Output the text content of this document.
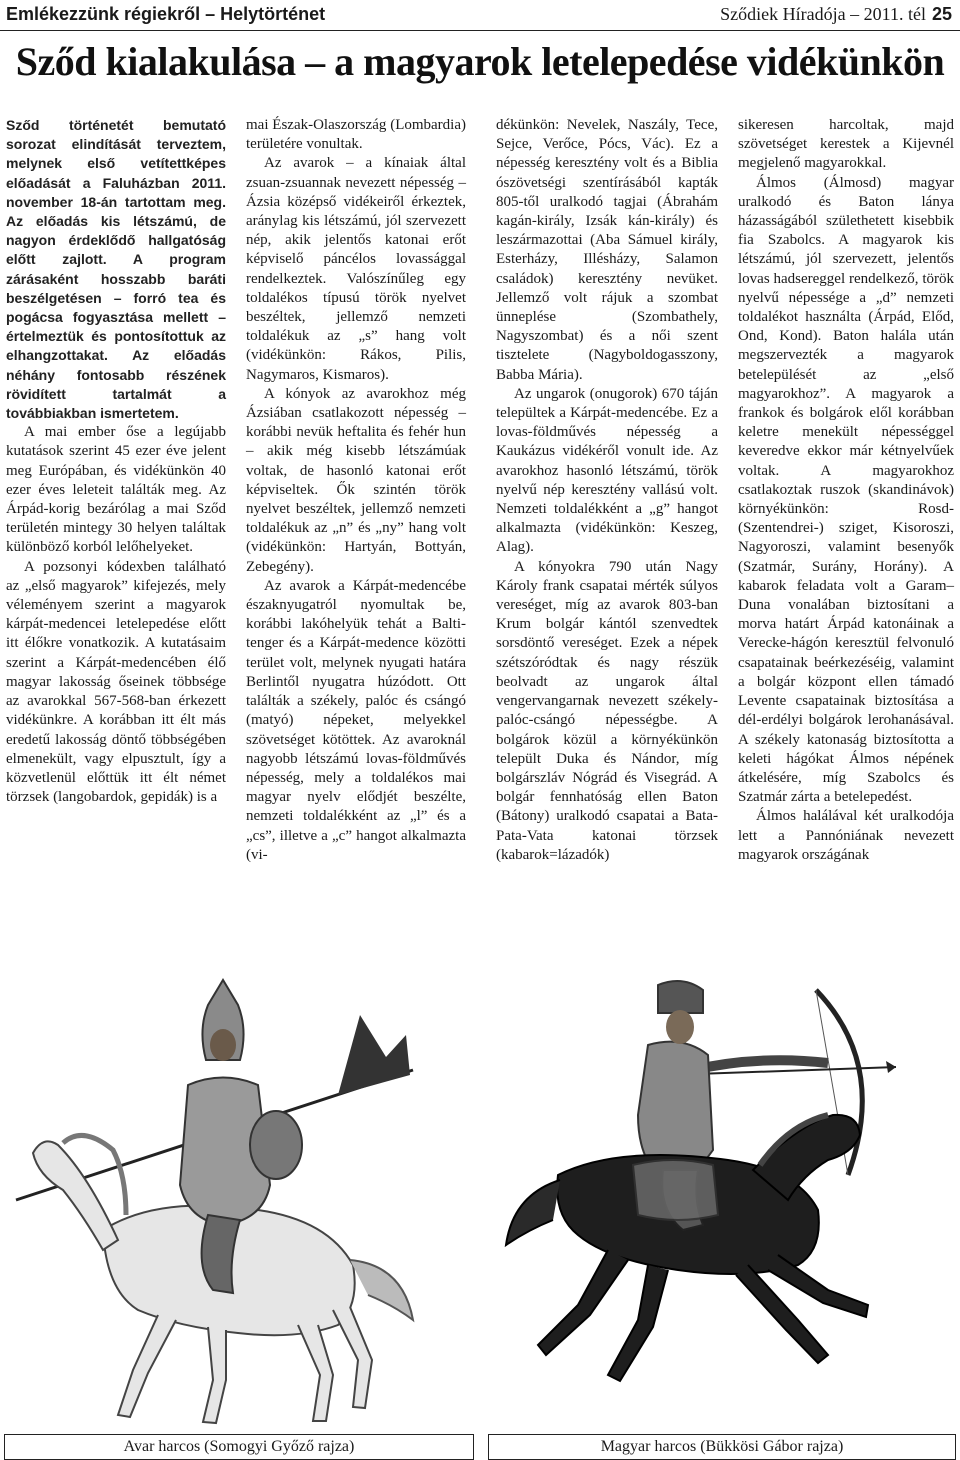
Emlékezzünk régiekről – Helytörténet	Sződiek Híradója – 2011. tél 25
Sződ kialakulása – a magyarok letelepedése vidékünkön

Sződ történetét bemutató sorozat elindítását terveztem, melynek első vetítettképes előadását a Faluházban 2011. november 18-án tartottam meg. Az előadás kis létszámú, de nagyon érdeklődő hallgatóság előtt zajlott. A program zárásaként hosszabb baráti beszélgetésen – forró tea és pogácsa fogyasztása mellett – értelmeztük és pontosítottuk az elhangzottakat. Az előadás néhány fontosabb részének rövidített tartalmát a továbbiakban ismertetem.

A mai ember őse a legújabb kutatások szerint 45 ezer éve jelent meg Európában, és vidékünkön 40 ezer éves leleteit találták meg. Az Árpád-korig bezárólag a mai Sződ területén mintegy 30 helyen találtak különböző korból lelőhelyeket.

A pozsonyi kódexben található az „első magyarok” kifejezés, mely véleményem szerint a magyarok kárpát-medencei letelepedése előtt itt élőkre vonatkozik. A kutatásaim szerint a Kárpát-medencében élő magyar lakosság őseinek többsége az avarokkal 567-568-ban érkezett vidékünkre. A korábban itt élt más eredetű lakosság döntő többségében elmenekült, vagy elpusztult, így a közvetlenül előttük itt élt német törzsek (langobardok, gepidák) is a

mai Észak-Olaszország (Lombardia) területére vonultak.

Az avarok – a kínaiak által zsuan-zsuannak nevezett népesség – Ázsia középső vidékeiről érkeztek, aránylag kis létszámú, jól szervezett nép, akik jelentős katonai erőt képviselő páncélos lovassággal rendelkeztek. Valószínűleg egy toldalékos típusú török nyelvet beszéltek, jellemző nemzeti toldalékuk az „s” hang volt (vidékünkön: Rákos, Pilis, Nagymaros, Kismaros).

A kónyok az avarokhoz még Ázsiában csatlakozott népesség – korábbi nevük heftalita és fehér hun – akik még kisebb létszámúak voltak, de hasonló katonai erőt képviseltek. Ők szintén török nyelvet beszéltek, jellemző nemzeti toldalékuk az „n” és „ny” hang volt (vidékünkön: Hartyán, Bottyán, Zebegény).

Az avarok a Kárpát-medencébe északnyugatról nyomultak be, korábbi lakóhelyük tehát a Balti-tenger és a Kárpát-medence közötti terület volt, melynek nyugati határa Berlintől nyugatra húzódott. Ott találták a székely, palóc és csángó (matyó) népeket, melyekkel szövetséget kötöttek. Az avaroknál nagyobb létszámú lovas-földművés népesség, mely a toldalékos mai magyar nyelv elődjét beszélte, nemzeti toldalékként az „l” és a „cs”, illetve a „c” hangot alkalmazta (vi-

dékünkön: Nevelek, Naszály, Tece, Sejce, Verőce, Pócs, Vác). Ez a népesség keresztény volt és a Biblia ószövetségi szentírásából kapták 805-től uralkodó tagjai (Ábrahám kagán-király, Izsák kán-király) és leszármazottai (Aba Sámuel király, Esterházy, Illésházy, Salamon családok) keresztény nevüket. Jellemző volt rájuk a szombat ünneplése (Szombathely, Nagyszombat) és a női szent tisztelete (Nagyboldogasszony, Babba Mária).

Az ungarok (onugorok) 670 táján települtek a Kárpát-medencébe. Ez a lovas-földművés népesség a Kaukázus vidékéről vonult ide. Az avarokhoz hasonló létszámú, török nyelvű nép keresztény vallású volt. Nemzeti toldalékként a „g” hangot alkalmazta (vidékünkön: Keszeg, Alag).

A kónyokra 790 után Nagy Károly frank csapatai mérték súlyos vereséget, míg az avarok 803-ban Krum bolgár kántól szenvedtek sorsdöntő vereséget. Ezek a népek szétszóródtak és nagy részük beolvadt az ungarok által vengervangarnak nevezett székely-palóc-csángó népességbe. A bolgárok közül a környékünkön települt Duka és Nándor, míg bolgárszláv Nógrád és Visegrád. A bolgár fennhatóság ellen Baton (Bátony) uralkodó csapatai a Bata-Pata-Vata katonai törzsek (kabarok=lázadók)

sikeresen harcoltak, majd szövetséget kerestek a Kijevnél megjelenő magyarokkal.

Álmos (Álmosd) magyar uralkodó és Baton lánya házasságából születhetett kisebbik fia Szabolcs. A magyarok kis létszámú, jól szervezett, jelentős lovas hadsereggel rendelkező, török nyelvű népessége a „d” nemzeti toldalékot használta (Árpád, Előd, Ond, Kond). Baton halála után megszervezték a magyarok betelepülését az „első magyarokhoz”. A magyarok a frankok és bolgárok elől korábban keletre menekült népességgel keveredve ekkor már kétnyelvűek voltak. A magyarokhoz csatlakoztak ruszok (skandinávok) környékünkön: Rosd-(Szentendrei-) sziget, Kisoroszi, Nagyoroszi, valamint besenyők (Szatmár, Surány, Horány). A kabarok feladata volt a Garam–Duna vonalában biztosítani a morva határt Árpád katonáinak a Verecke-hágón keresztül felvonuló csapatainak beérkezéséig, valamint a bolgár központ ellen támadó Levente csapatainak biztosítása a dél-erdélyi bolgárok lerohanásával. A székely katonaság biztosította a keleti hágókat Álmos népének átkelésére, míg Szabolcs és Szatmár zárta a betelepedést.

Álmos halálával két uralkodója lett a Pannóniának nevezett magyarok országának

Avar harcos (Somogyi Győző rajza)	Magyar harcos (Bükkösi Gábor rajza)
